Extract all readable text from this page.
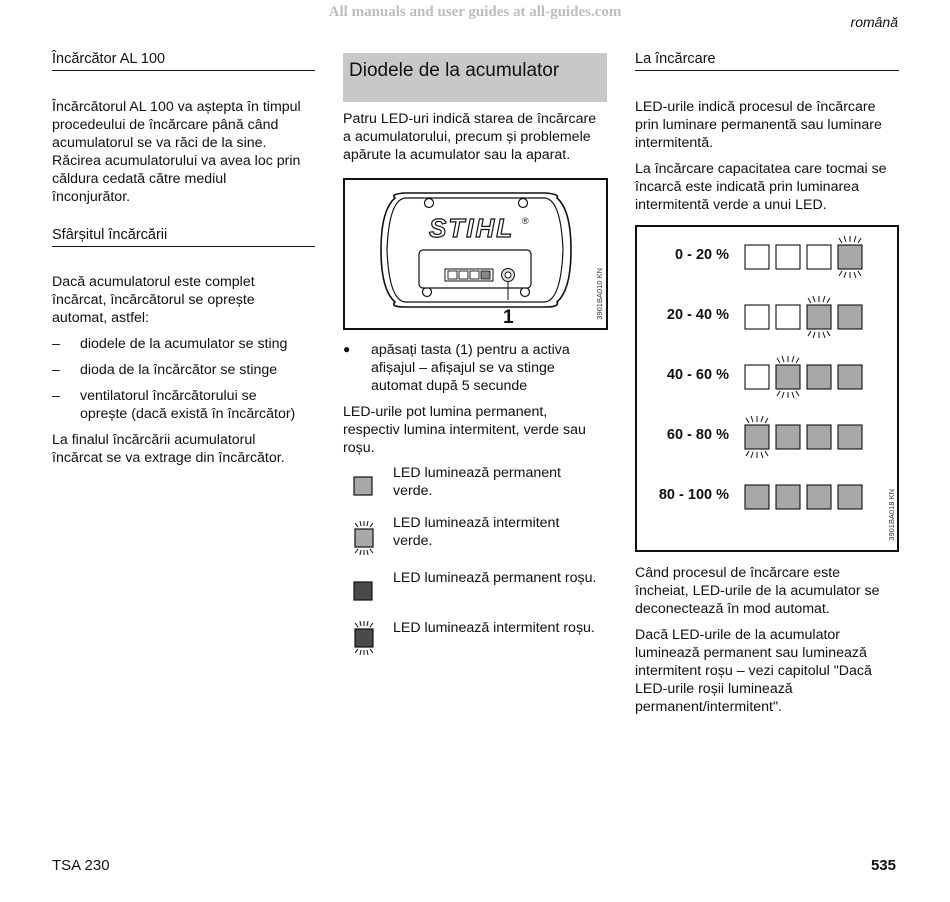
All manuals and user guides at all-guides.com
română
Încărcător AL 100

Încărcătorul AL 100 va aștepta în timpul
procedeului de încărcare până când
acumulatorul se va răci de la sine.
Răcirea acumulatorului va avea loc prin
căldura cedată către mediul
înconjurător.

Sfârșitul încărcării

Dacă acumulatorul este complet
încărcat, încărcătorul se oprește
automat, astfel:

– diodele de la acumulator se sting
– dioda de la încărcător se stinge
– ventilatorul încărcătorului se
oprește (dacă există în încărcător)

La finalul încărcării acumulatorul
încărcat se va extrage din încărcător.

Diodele de la acumulator

Patru LED-uri indică starea de încărcare
a acumulatorului, precum și problemele
apărute la acumulator sau la aparat.

STIHL ®
1	3901BA010 KN
● apăsați tasta (1) pentru a activa
afișajul – afișajul se va stinge
automat după 5 secunde

LED-urile pot lumina permanent,
respectiv lumina intermitent, verde sau
roșu.

LED luminează permanent
verde.
LED luminează intermitent
verde.
LED luminează permanent roșu.
LED luminează intermitent roșu.
La încărcare

LED-urile indică procesul de încărcare
prin luminare permanentă sau luminare
intermitentă.

La încărcare capacitatea care tocmai se
încarcă este indicată prin luminarea
intermitentă verde a unui LED.

0 - 20 %
20 - 40 %
40 - 60 %
60 - 80 %
80 - 100 %	3901BA018 KN

Când procesul de încărcare este
încheiat, LED-urile de la acumulator se
deconectează în mod automat.

Dacă LED-urile de la acumulator
luminează permanent sau luminează
intermitent roșu – vezi capitolul "Dacă
LED-urile roșii luminează
permanent/intermitent".

TSA 230	535
